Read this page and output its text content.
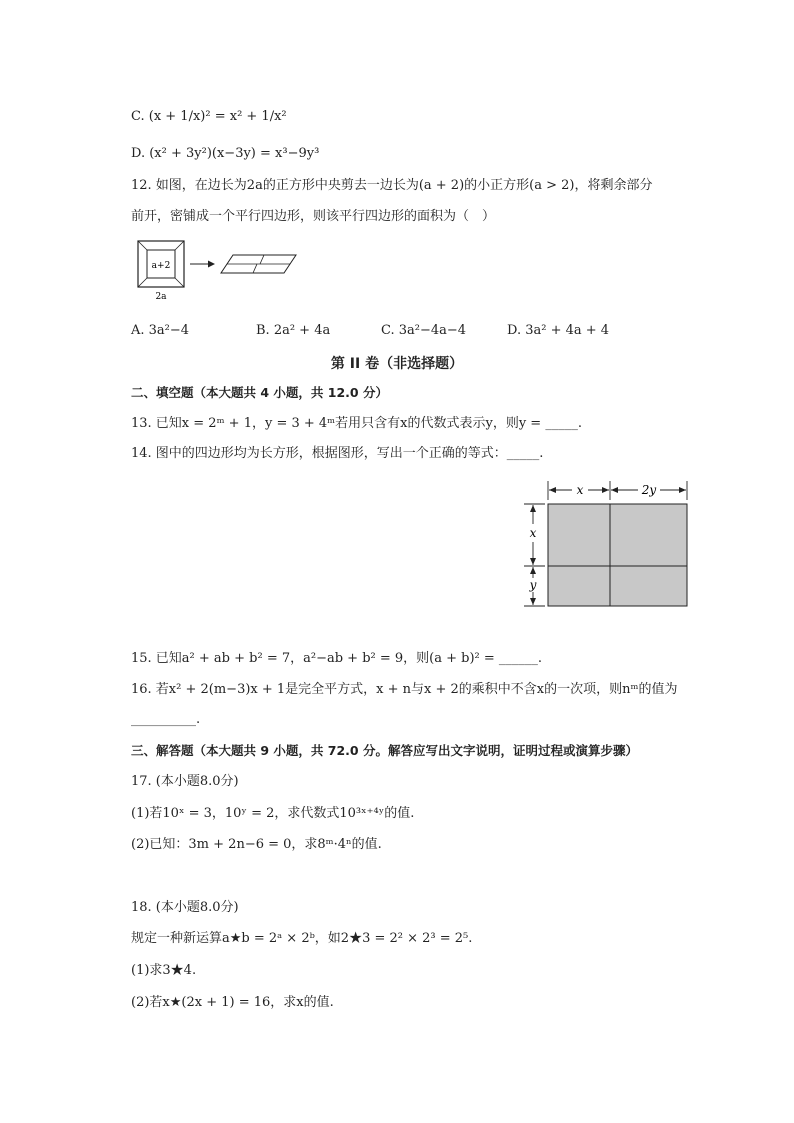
C. (x + 1/x)² = x² + 1/x²
D. (x² + 3y²)(x−3y) = x³−9y³
12. 如图，在边长为2a的正方形中央剪去一边长为(a + 2)的小正方形(a > 2)，将剩余部分
前开，密铺成一个平行四边形，则该平行四边形的面积为（　）
a+2
2a
A. 3a²−4	B. 2a² + 4a	C. 3a²−4a−4	D. 3a² + 4a + 4
第 II 卷（非选择题）
二、填空题（本大题共 4 小题，共 12.0 分）
13. 已知x = 2ᵐ + 1，y = 3 + 4ᵐ若用只含有x的代数式表示y，则y = _____.
14. 图中的四边形均为长方形，根据图形，写出一个正确的等式：_____.
x	2y
x
y
15. 已知a² + ab + b² = 7，a²−ab + b² = 9，则(a + b)² = ______.
16. 若x² + 2(m−3)x + 1是完全平方式，x + n与x + 2的乘积中不含x的一次项，则nᵐ的值为
__________.
三、解答题（本大题共 9 小题，共 72.0 分。解答应写出文字说明，证明过程或演算步骤）
17. (本小题8.0分)
(1)若10ˣ = 3，10ʸ = 2，求代数式10³ˣ⁺⁴ʸ的值.
(2)已知：3m + 2n−6 = 0，求8ᵐ·4ⁿ的值.
18. (本小题8.0分)
规定一种新运算a★b = 2ᵃ × 2ᵇ，如2★3 = 2² × 2³ = 2⁵.
(1)求3★4.
(2)若x★(2x + 1) = 16，求x的值.
